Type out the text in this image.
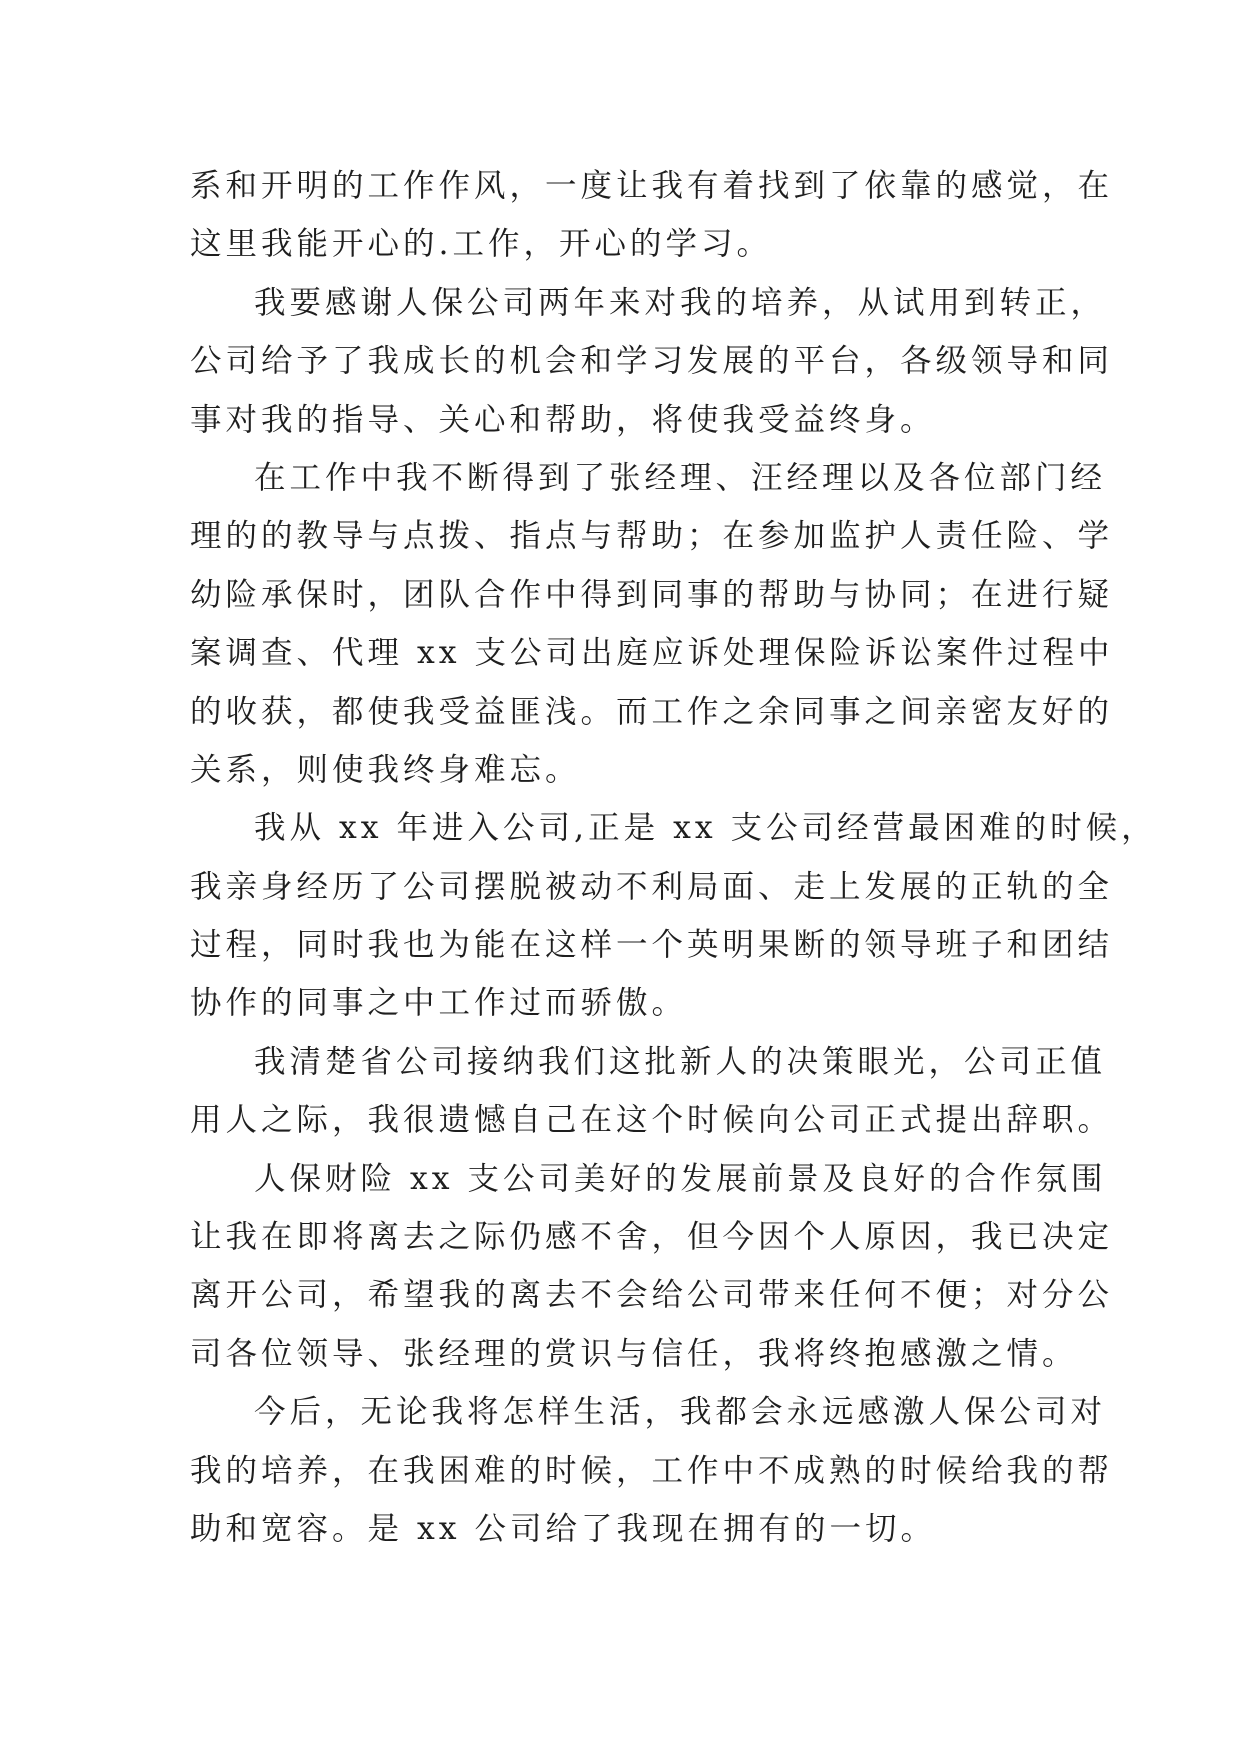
系和开明的工作作风，一度让我有着找到了依靠的感觉，在
这里我能开心的.工作，开心的学习。

我要感谢人保公司两年来对我的培养，从试用到转正，
公司给予了我成长的机会和学习发展的平台，各级领导和同
事对我的指导、关心和帮助，将使我受益终身。

在工作中我不断得到了张经理、汪经理以及各位部门经
理的的教导与点拨、指点与帮助；在参加监护人责任险、学
幼险承保时，团队合作中得到同事的帮助与协同；在进行疑
案调查、代理 xx 支公司出庭应诉处理保险诉讼案件过程中
的收获，都使我受益匪浅。而工作之余同事之间亲密友好的
关系，则使我终身难忘。

我从 xx 年进入公司,正是 xx 支公司经营最困难的时候，
我亲身经历了公司摆脱被动不利局面、走上发展的正轨的全
过程，同时我也为能在这样一个英明果断的领导班子和团结
协作的同事之中工作过而骄傲。

我清楚省公司接纳我们这批新人的决策眼光，公司正值
用人之际，我很遗憾自己在这个时候向公司正式提出辞职。

人保财险 xx 支公司美好的发展前景及良好的合作氛围
让我在即将离去之际仍感不舍，但今因个人原因，我已决定
离开公司，希望我的离去不会给公司带来任何不便；对分公
司各位领导、张经理的赏识与信任，我将终抱感激之情。

今后，无论我将怎样生活，我都会永远感激人保公司对
我的培养，在我困难的时候，工作中不成熟的时候给我的帮
助和宽容。是 xx 公司给了我现在拥有的一切。
